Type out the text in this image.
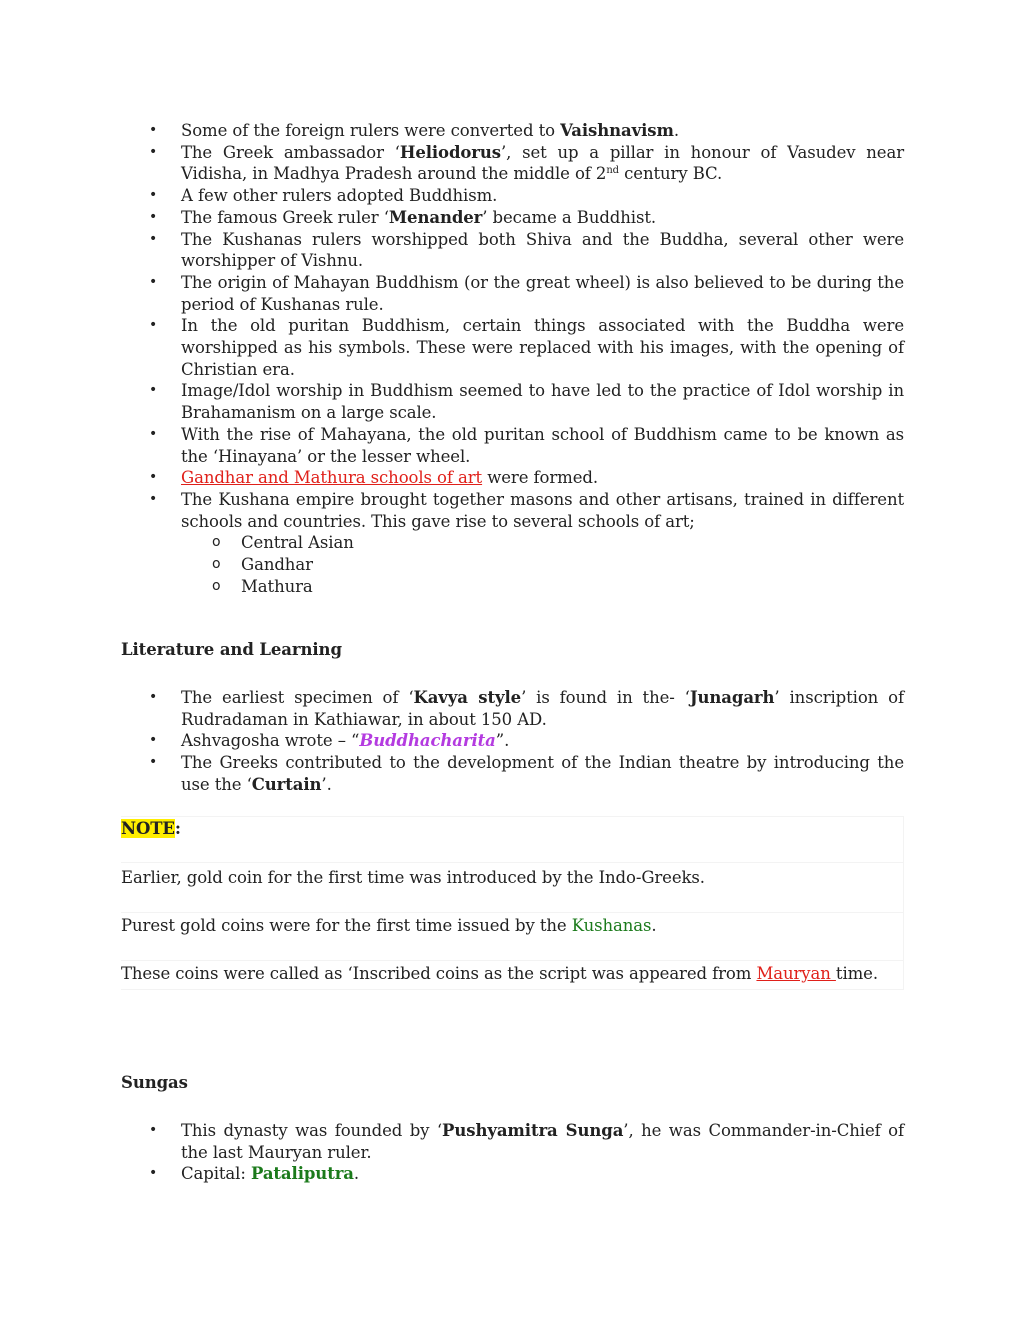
• Some of the foreign rulers were converted to Vaishnavism.
• The Greek ambassador ‘Heliodorus’, set up a pillar in honour of Vasudev near Vidisha, in Madhya Pradesh around the middle of 2nd century BC.
• A few other rulers adopted Buddhism.
• The famous Greek ruler ‘Menander’ became a Buddhist.
• The Kushanas rulers worshipped both Shiva and the Buddha, several other were worshipper of Vishnu.
• The origin of Mahayan Buddhism (or the great wheel) is also believed to be during the period of Kushanas rule.
• In the old puritan Buddhism, certain things associated with the Buddha were worshipped as his symbols. These were replaced with his images, with the opening of Christian era.
• Image/Idol worship in Buddhism seemed to have led to the practice of Idol worship in Brahamanism on a large scale.
• With the rise of Mahayana, the old puritan school of Buddhism came to be known as the ‘Hinayana’ or the lesser wheel.
• Gandhar and Mathura schools of art were formed.
• The Kushana empire brought together masons and other artisans, trained in different schools and countries. This gave rise to several schools of art;
o Central Asian
o Gandhar
o Mathura
Literature and Learning
• The earliest specimen of ‘Kavya style’ is found in the- ‘Junagarh’ inscription of Rudradaman in Kathiawar, in about 150 AD.
• Ashvagosha wrote – “Buddhacharita”.
• The Greeks contributed to the development of the Indian theatre by introducing the use the ‘Curtain’.
NOTE:
Earlier, gold coin for the first time was introduced by the Indo-Greeks.
Purest gold coins were for the first time issued by the Kushanas.
These coins were called as ‘Inscribed coins as the script was appeared from Mauryan time.
Sungas
• This dynasty was founded by ‘Pushyamitra Sunga’, he was Commander-in-Chief of the last Mauryan ruler.
• Capital: Pataliputra.
